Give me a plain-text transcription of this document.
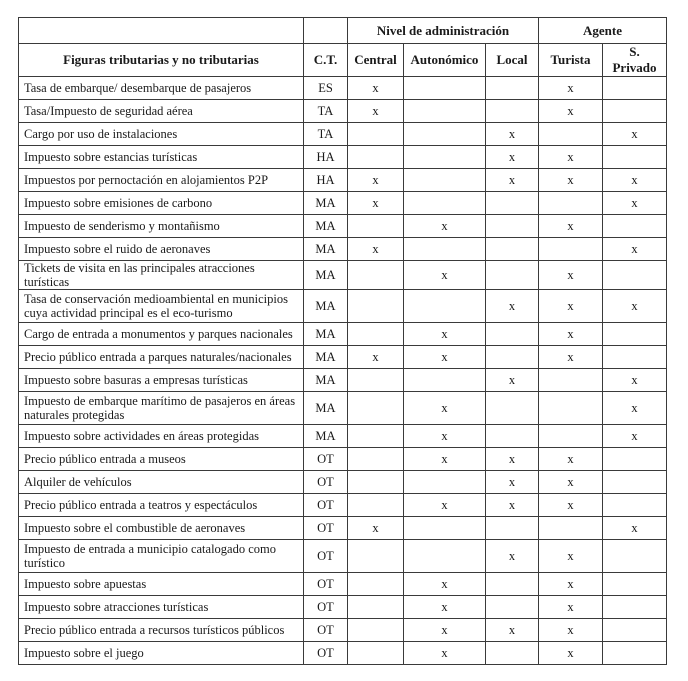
		Nivel de administración			Agente	
Figuras tributarias y no tributarias	C.T.	Central	Autonómico	Local	Turista	S. Privado
Tasa de embarque/ desembarque de pasajeros	ES	x			x	
Tasa/Impuesto de seguridad aérea	TA	x			x	
Cargo por uso de instalaciones	TA			x		x
Impuesto sobre estancias turísticas	HA			x	x	
Impuestos por pernoctación en alojamientos P2P	HA	x		x	x	x
Impuesto sobre emisiones de carbono	MA	x				x
Impuesto de senderismo y montañismo	MA		x		x	
Impuesto sobre el ruido de aeronaves	MA	x				x
Tickets de visita en las principales atracciones turísticas	MA		x		x	
Tasa de conservación medioambiental en municipios cuya actividad principal es el eco-turismo	MA			x	x	x
Cargo de entrada a monumentos y parques nacionales	MA		x		x	
Precio público entrada a parques naturales/nacionales	MA	x	x		x	
Impuesto sobre basuras a empresas turísticas	MA			x		x
Impuesto de embarque marítimo de pasajeros en áreas naturales protegidas	MA		x			x
Impuesto sobre actividades en áreas protegidas	MA		x			x
Precio público entrada a museos	OT		x	x	x	
Alquiler de vehículos	OT			x	x	
Precio público entrada a teatros y espectáculos	OT		x	x	x	
Impuesto sobre el combustible de aeronaves	OT	x				x
Impuesto de entrada a municipio catalogado como turístico	OT			x	x	
Impuesto sobre apuestas	OT		x		x	
Impuesto sobre atracciones turísticas	OT		x		x	
Precio público entrada a recursos turísticos públicos	OT		x	x	x	
Impuesto sobre el juego	OT		x		x	
